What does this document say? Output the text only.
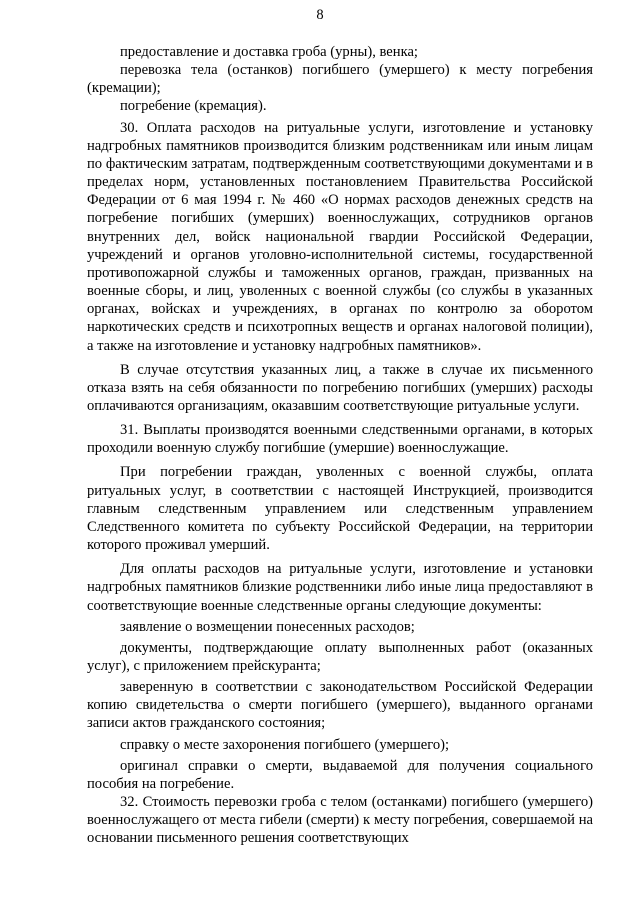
8

предоставление и доставка гроба (урны), венка;

перевозка тела (останков) погибшего (умершего) к месту погребения (кремации);

погребение (кремация).

30. Оплата расходов на ритуальные услуги, изготовление и установку надгробных памятников производится близким родственникам или иным лицам по фактическим затратам, подтвержденным соответствующими документами и в пределах норм, установленных постановлением Правительства Российской Федерации от 6 мая 1994 г. № 460 «О нормах расходов денежных средств на погребение погибших (умерших) военнослужащих, сотрудников органов внутренних дел, войск национальной гвардии Российской Федерации, учреждений и органов уголовно-исполнительной системы, государственной противопожарной службы и таможенных органов, граждан, призванных на военные сборы, и лиц, уволенных с военной службы (со службы в указанных органах, войсках и учреждениях, в органах по контролю за оборотом наркотических средств и психотропных веществ и органах налоговой полиции), а также на изготовление и установку надгробных памятников».

В случае отсутствия указанных лиц, а также в случае их письменного отказа взять на себя обязанности по погребению погибших (умерших) расходы оплачиваются организациям, оказавшим соответствующие ритуальные услуги.

31. Выплаты производятся военными следственными органами, в которых проходили военную службу погибшие (умершие) военнослужащие.

При погребении граждан, уволенных с военной службы, оплата ритуальных услуг, в соответствии с настоящей Инструкцией, производится главным следственным управлением или следственным управлением Следственного комитета по субъекту Российской Федерации, на территории которого проживал умерший.

Для оплаты расходов на ритуальные услуги, изготовление и установки надгробных памятников близкие родственники либо иные лица предоставляют в соответствующие военные следственные органы следующие документы:

заявление о возмещении понесенных расходов;

документы, подтверждающие оплату выполненных работ (оказанных услуг), с приложением прейскуранта;

заверенную в соответствии с законодательством Российской Федерации копию свидетельства о смерти погибшего (умершего), выданного органами записи актов гражданского состояния;

справку о месте захоронения погибшего (умершего);

оригинал справки о смерти, выдаваемой для получения социального пособия на погребение.

32. Стоимость перевозки гроба с телом (останками) погибшего (умершего) военнослужащего от места гибели (смерти) к месту погребения, совершаемой на основании письменного решения соответствующих
